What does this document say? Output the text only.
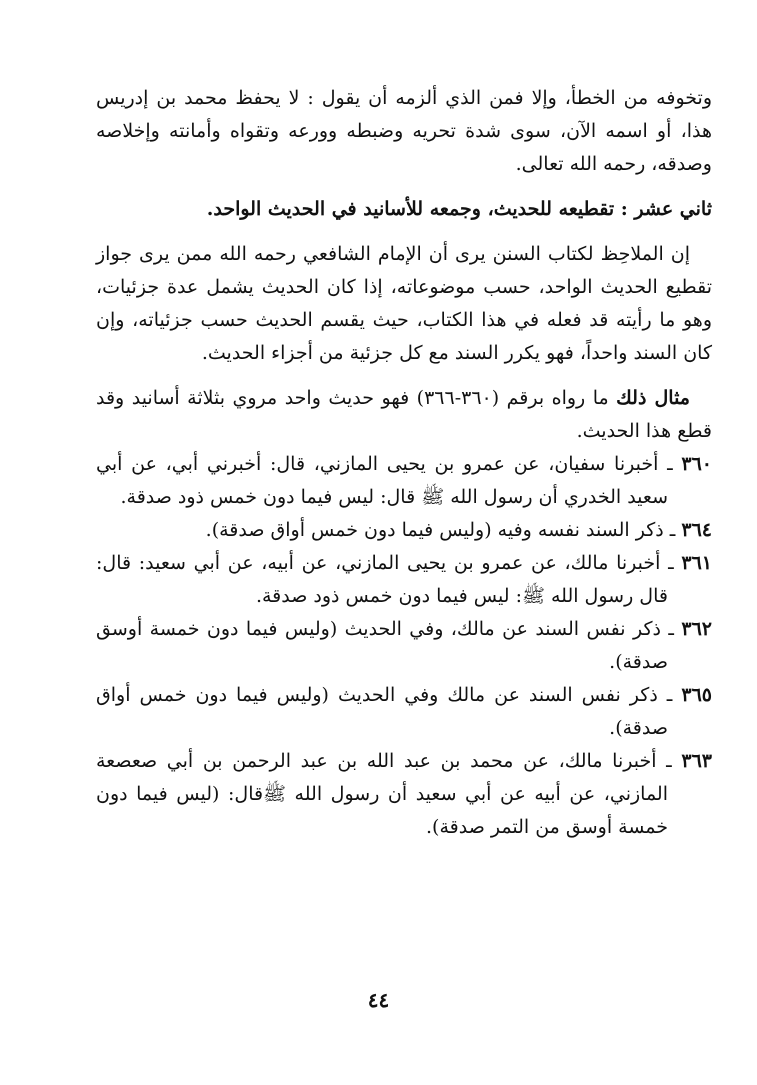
وتخوفه من الخطأ، وإلا فمن الذي ألزمه أن يقول : لا يحفظ محمد بن إدريس هذا، أو اسمه الآن، سوى شدة تحريه وضبطه وورعه وتقواه وأمانته وإخلاصه وصدقه، رحمه الله تعالى.

ثاني عشر : تقطيعه للحديث، وجمعه للأسانيد في الحديث الواحد.

إن الملاحِظ لكتاب السنن يرى أن الإمام الشافعي رحمه الله ممن يرى جواز تقطيع الحديث الواحد، حسب موضوعاته، إذا كان الحديث يشمل عدة جزئيات، وهو ما رأيته قد فعله في هذا الكتاب، حيث يقسم الحديث حسب جزئياته، وإن كان السند واحداً، فهو يكرر السند مع كل جزئية من أجزاء الحديث.

مثال ذلك ما رواه برقم (٣٦٠-٣٦٦) فهو حديث واحد مروي بثلاثة أسانيد وقد قطع هذا الحديث.

٣٦٠ ـ أخبرنا سفيان، عن عمرو بن يحيى المازني، قال: أخبرني أبي، عن أبي سعيد الخدري أن رسول الله ﷺ قال: ليس فيما دون خمس ذود صدقة.

٣٦٤ ـ ذكر السند نفسه وفيه (وليس فيما دون خمس أواق صدقة).

٣٦١ ـ أخبرنا مالك، عن عمرو بن يحيى المازني، عن أبيه، عن أبي سعيد: قال: قال رسول الله ﷺ: ليس فيما دون خمس ذود صدقة.

٣٦٢ ـ ذكر نفس السند عن مالك، وفي الحديث (وليس فيما دون خمسة أوسق صدقة).

٣٦٥ ـ ذكر نفس السند عن مالك وفي الحديث (وليس فيما دون خمس أواق صدقة).

٣٦٣ ـ أخبرنا مالك، عن محمد بن عبد الله بن عبد الرحمن بن أبي صعصعة المازني، عن أبيه عن أبي سعيد أن رسول الله ﷺقال: (ليس فيما دون خمسة أوسق من التمر صدقة).

٤٤
